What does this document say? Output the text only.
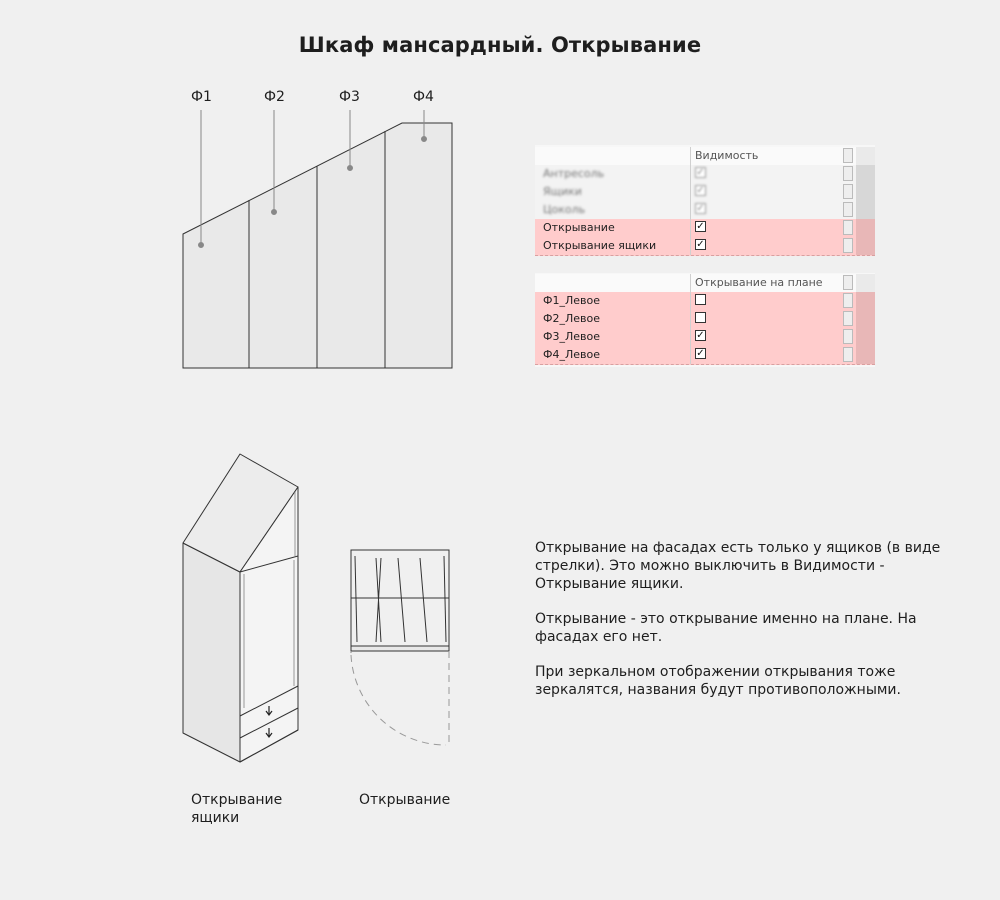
Шкаф мансардный. Открывание
Ф1	Ф2	Ф3	Ф4
Видимость
Антресоль	✓
Ящики	✓
Цоколь	✓
Открывание	✓
Открывание ящики	✓
Открывание на плане
Ф1_Левое
Ф2_Левое
Ф3_Левое	✓
Ф4_Левое	✓
Открывание ящики
Открывание

Открывание на фасадах есть только у ящиков (в виде стрелки). Это можно выключить в Видимости - Открывание ящики.

Открывание - это открывание именно на плане. На фасадах его нет.

При зеркальном отображении открывания тоже зеркалятся, названия будут противоположными.
